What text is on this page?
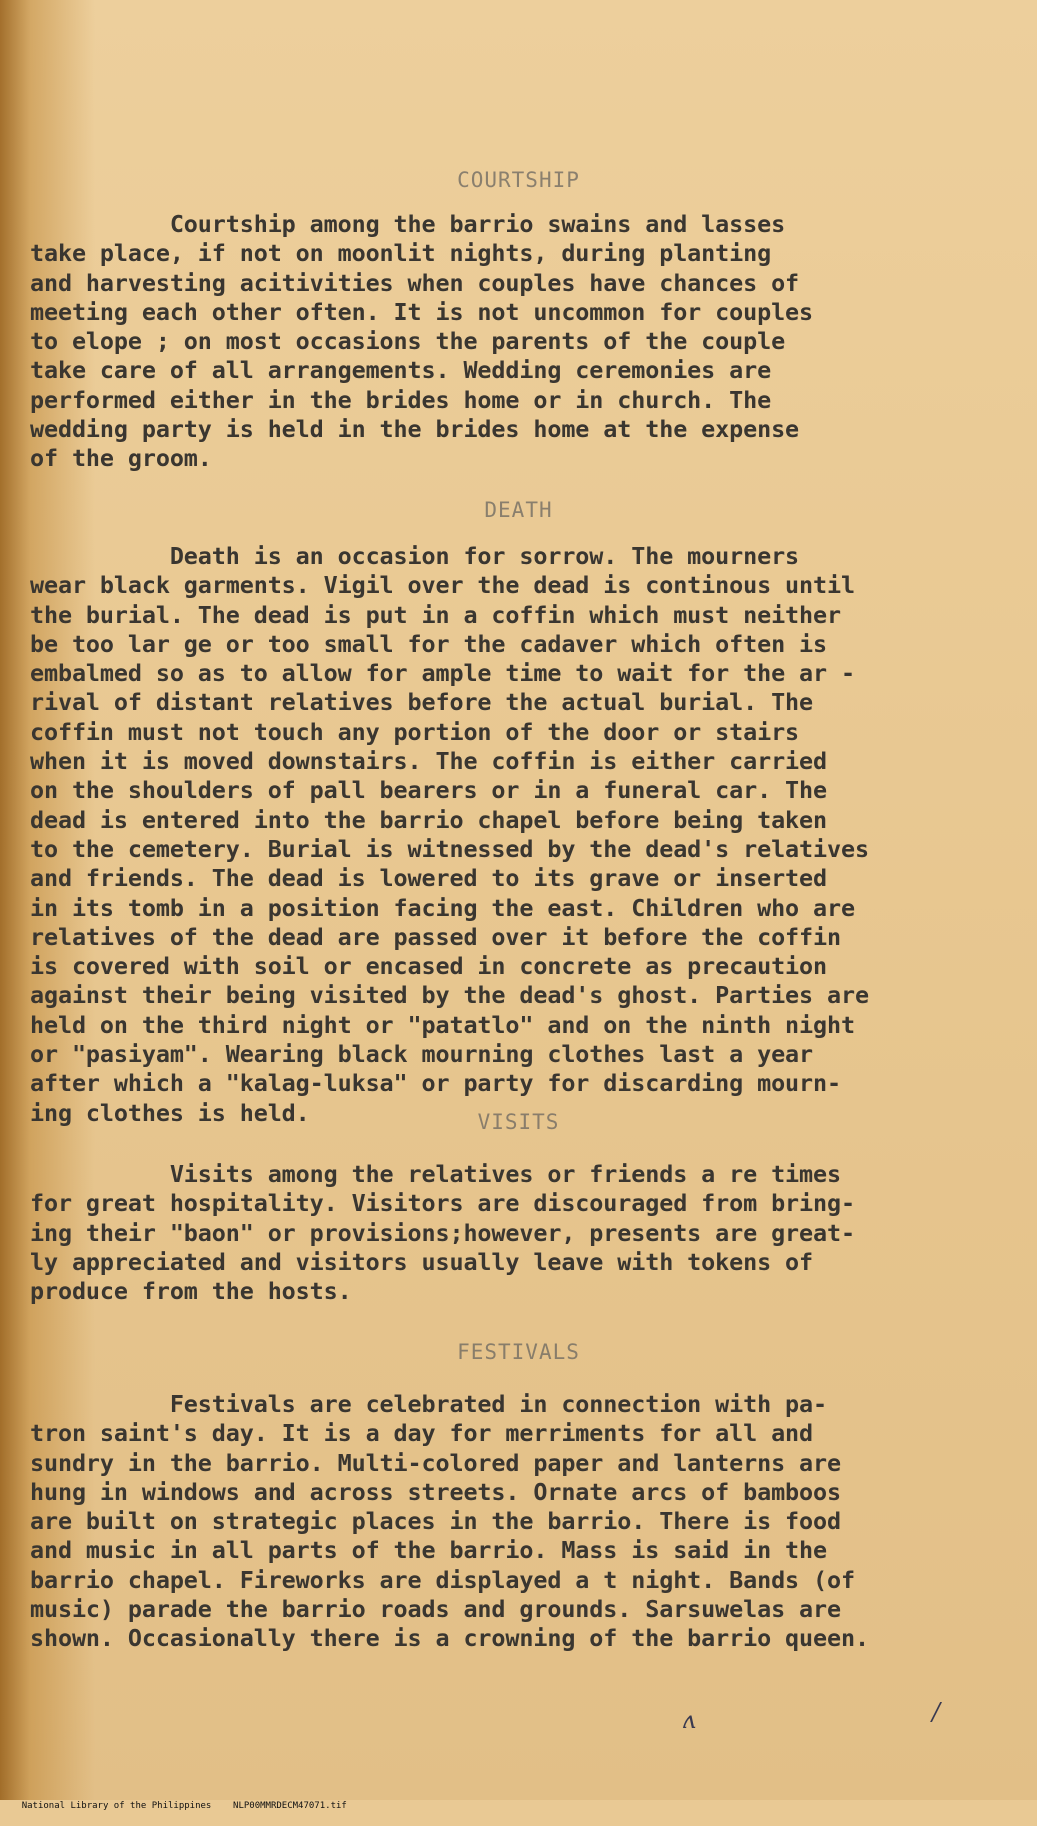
COURTSHIP
Courtship among the barrio swains and lasses
take place, if not on moonlit nights, during planting
and harvesting acitivities when couples have chances of
meeting each other often. It is not uncommon for couples
to elope ; on most occasions the parents of the couple
take care of all arrangements. Wedding ceremonies are
performed either in the brides home or in church. The
wedding party is held in the brides home at the expense
of the groom.
DEATH
Death is an occasion for sorrow. The mourners
wear black garments. Vigil over the dead is continous until
the burial. The dead is put in a coffin which must neither
be too lar ge or too small for the cadaver which often is
embalmed so as to allow for ample time to wait for the ar -
rival of distant relatives before the actual burial. The
coffin must not touch any portion of the door or stairs
when it is moved downstairs. The coffin is either carried
on the shoulders of pall bearers or in a funeral car. The
dead is entered into the barrio chapel before being taken
to the cemetery. Burial is witnessed by the dead's relatives
and friends. The dead is lowered to its grave or inserted
in its tomb in a position facing the east. Children who are
relatives of the dead are passed over it before the coffin
is covered with soil or encased in concrete as precaution
against their being visited by the dead's ghost. Parties are
held on the third night or "patatlo" and on the ninth night
or "pasiyam". Wearing black mourning clothes last a year
after which a "kalag-luksa" or party for discarding mourn-
ing clothes is held.	VISITS
Visits among the relatives or friends a re times
for great hospitality. Visitors are discouraged from bring-
ing their "baon" or provisions;however, presents are great-
ly appreciated and visitors usually leave with tokens of
produce from the hosts.
FESTIVALS
Festivals are celebrated in connection with pa-
tron saint's day. It is a day for merriments for all and
sundry in the barrio. Multi-colored paper and lanterns are
hung in windows and across streets. Ornate arcs of bamboos
are built on strategic places in the barrio. There is food
and music in all parts of the barrio. Mass is said in the
barrio chapel. Fireworks are displayed a t night. Bands (of
music) parade the barrio roads and grounds. Sarsuwelas are
shown. Occasionally there is a crowning of the barrio queen.
ʌ	/

National Library of the Philippines NLP00MMRDECM47071.tif
